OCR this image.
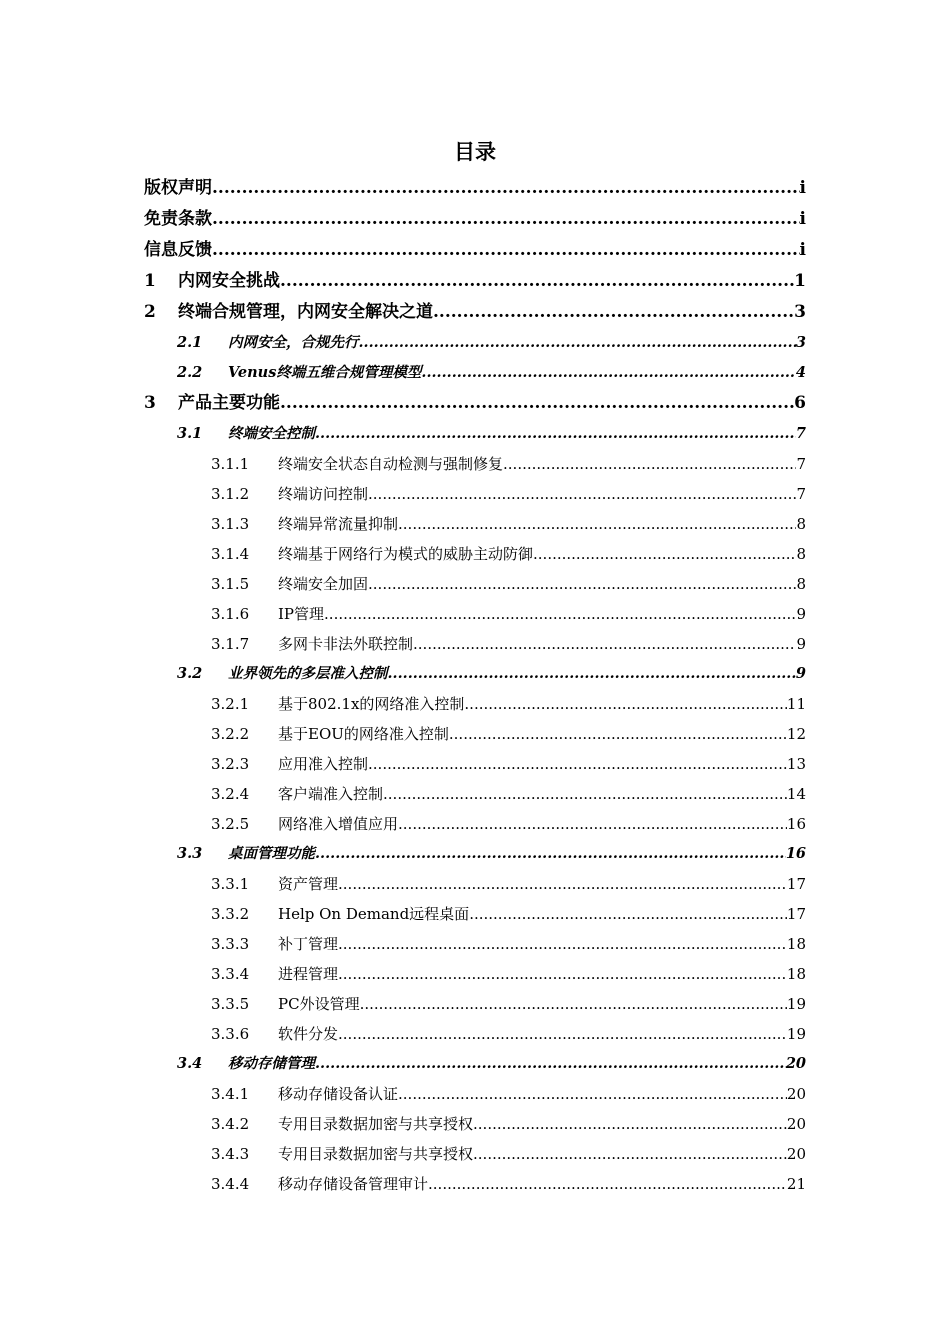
目录
版权声明 .....	i
免责条款 .....	i
信息反馈 .....	i
1	内网安全挑战 .....	1
2	终端合规管理，内网安全解决之道 .....	3
2.1	内网安全，合规先行 .....	3
2.2	Venus终端五维合规管理模型 .....	4
3	产品主要功能 .....	6
3.1	终端安全控制 .....	7
3.1.1	终端安全状态自动检测与强制修复 .....	7
3.1.2	终端访问控制 .....	7
3.1.3	终端异常流量抑制 .....	8
3.1.4	终端基于网络行为模式的威胁主动防御 .....	8
3.1.5	终端安全加固 .....	8
3.1.6	IP管理 .....	9
3.1.7	多网卡非法外联控制 .....	9
3.2	业界领先的多层准入控制 .....	9
3.2.1	基于802.1x的网络准入控制 .....	11
3.2.2	基于EOU的网络准入控制 .....	12
3.2.3	应用准入控制 .....	13
3.2.4	客户端准入控制 .....	14
3.2.5	网络准入增值应用 .....	16
3.3	桌面管理功能 .....	16
3.3.1	资产管理 .....	17
3.3.2	Help On Demand远程桌面 .....	17
3.3.3	补丁管理 .....	18
3.3.4	进程管理 .....	18
3.3.5	PC外设管理 .....	19
3.3.6	软件分发 .....	19
3.4	移动存储管理 .....	20
3.4.1	移动存储设备认证 .....	20
3.4.2	专用目录数据加密与共享授权 .....	20
3.4.3	专用目录数据加密与共享授权 .....	20
3.4.4	移动存储设备管理审计 .....	21
